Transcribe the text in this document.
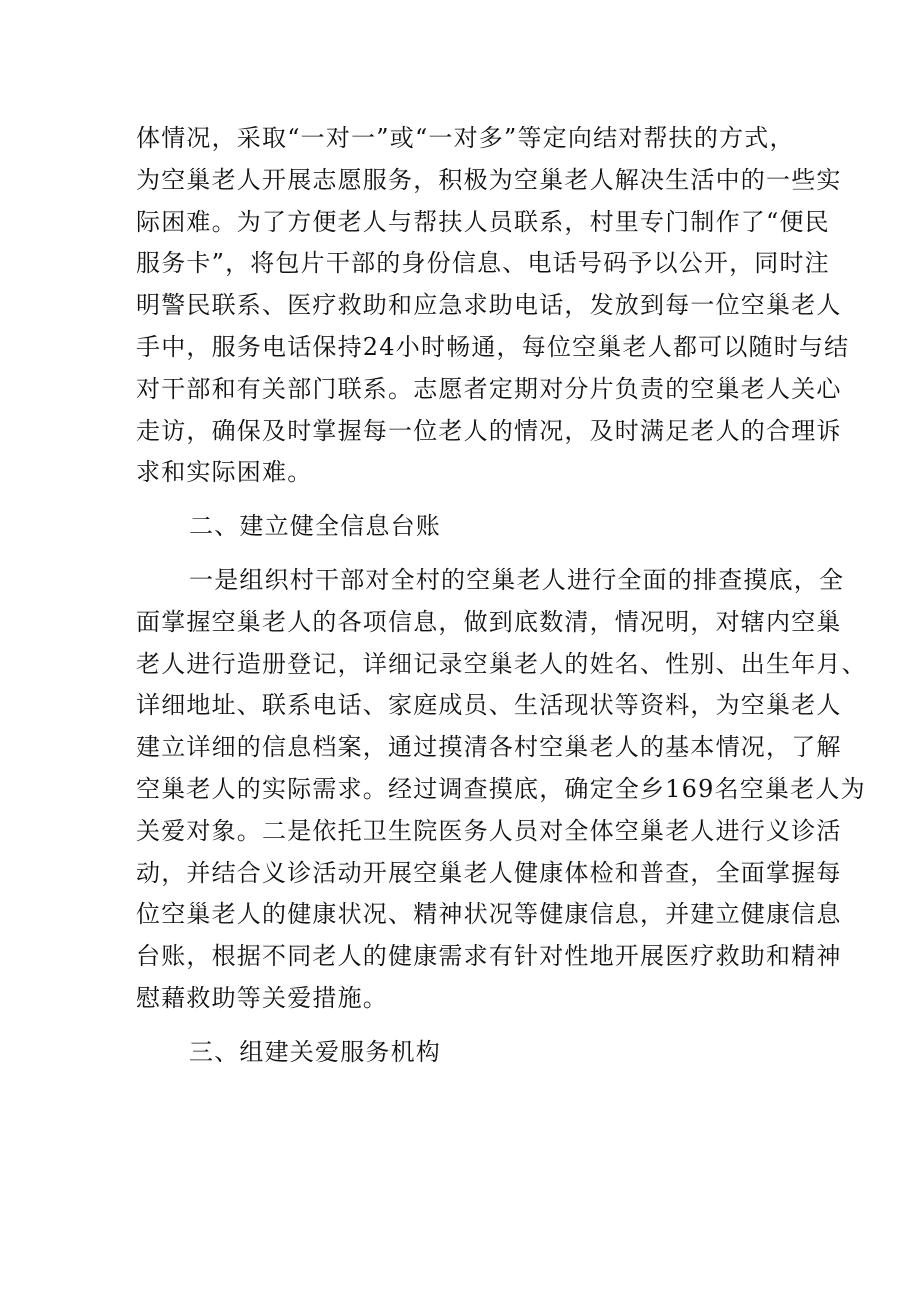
体情况，采取“一对一”或“一对多”等定向结对帮扶的方式，
为空巢老人开展志愿服务，积极为空巢老人解决生活中的一些实
际困难。为了方便老人与帮扶人员联系，村里专门制作了“便民
服务卡”，将包片干部的身份信息、电话号码予以公开，同时注
明警民联系、医疗救助和应急求助电话，发放到每一位空巢老人
手中，服务电话保持24小时畅通，每位空巢老人都可以随时与结
对干部和有关部门联系。志愿者定期对分片负责的空巢老人关心
走访，确保及时掌握每一位老人的情况，及时满足老人的合理诉
求和实际困难。
二、建立健全信息台账
一是组织村干部对全村的空巢老人进行全面的排查摸底，全
面掌握空巢老人的各项信息，做到底数清，情况明，对辖内空巢
老人进行造册登记，详细记录空巢老人的姓名、性别、出生年月、
详细地址、联系电话、家庭成员、生活现状等资料，为空巢老人
建立详细的信息档案，通过摸清各村空巢老人的基本情况，了解
空巢老人的实际需求。经过调查摸底，确定全乡169名空巢老人为
关爱对象。二是依托卫生院医务人员对全体空巢老人进行义诊活
动，并结合义诊活动开展空巢老人健康体检和普查，全面掌握每
位空巢老人的健康状况、精神状况等健康信息，并建立健康信息
台账，根据不同老人的健康需求有针对性地开展医疗救助和精神
慰藉救助等关爱措施。
三、组建关爱服务机构
